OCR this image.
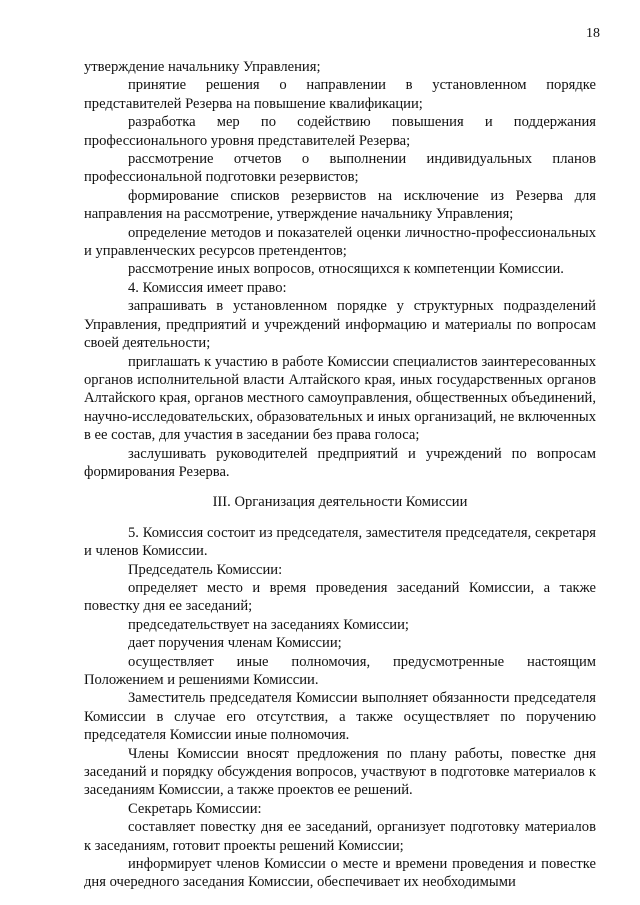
18

утверждение начальнику Управления;

принятие решения о направлении в установленном порядке представителей Резерва на повышение квалификации;

разработка мер по содействию повышения и поддержания профессионального уровня представителей Резерва;

рассмотрение отчетов о выполнении индивидуальных планов профессиональной подготовки резервистов;

формирование списков резервистов на исключение из Резерва для направления на рассмотрение, утверждение начальнику Управления;

определение методов и показателей оценки личностно-профессиональных и управленческих ресурсов претендентов;

рассмотрение иных вопросов, относящихся к компетенции Комиссии.

4. Комиссия имеет право:

запрашивать в установленном порядке у структурных подразделений Управления, предприятий и учреждений информацию и материалы по вопросам своей деятельности;

приглашать к участию в работе Комиссии специалистов заинтересованных органов исполнительной власти Алтайского края, иных государственных органов Алтайского края, органов местного самоуправления, общественных объединений, научно-исследовательских, образовательных и иных организаций, не включенных в ее состав, для участия в заседании без права голоса;

заслушивать руководителей предприятий и учреждений по вопросам формирования Резерва.

III. Организация деятельности Комиссии

5. Комиссия состоит из председателя, заместителя председателя, секретаря и членов Комиссии.

Председатель Комиссии:

определяет место и время проведения заседаний Комиссии, а также повестку дня ее заседаний;

председательствует на заседаниях Комиссии;

дает поручения членам Комиссии;

осуществляет иные полномочия, предусмотренные настоящим Положением и решениями Комиссии.

Заместитель председателя Комиссии выполняет обязанности председателя Комиссии в случае его отсутствия, а также осуществляет по поручению председателя Комиссии иные полномочия.

Члены Комиссии вносят предложения по плану работы, повестке дня заседаний и порядку обсуждения вопросов, участвуют в подготовке материалов к заседаниям Комиссии, а также проектов ее решений.

Секретарь Комиссии:

составляет повестку дня ее заседаний, организует подготовку материалов к заседаниям, готовит проекты решений Комиссии;

информирует членов Комиссии о месте и времени проведения и повестке дня очередного заседания Комиссии, обеспечивает их необходимыми
